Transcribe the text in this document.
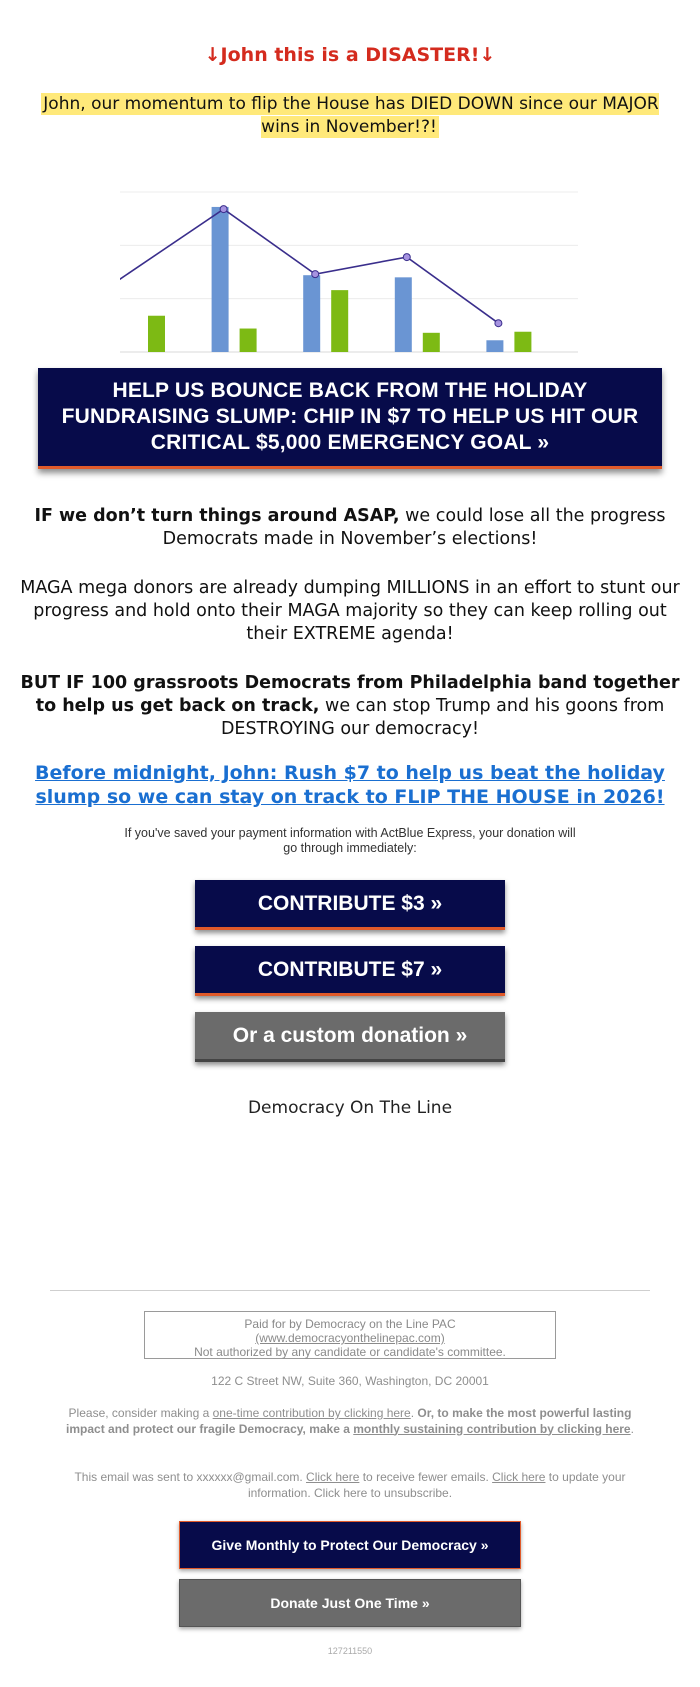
↓John this is a DISASTER!↓
John, our momentum to flip the House has DIED DOWN since our MAJOR wins in November!?!
HELP US BOUNCE BACK FROM THE HOLIDAY FUNDRAISING SLUMP: CHIP IN $7 TO HELP US HIT OUR CRITICAL $5,000 EMERGENCY GOAL »
IF we don’t turn things around ASAP, we could lose all the progress Democrats made in November’s elections!
MAGA mega donors are already dumping MILLIONS in an effort to stunt our progress and hold onto their MAGA majority so they can keep rolling out their EXTREME agenda!
BUT IF 100 grassroots Democrats from Philadelphia band together to help us get back on track, we can stop Trump and his goons from DESTROYING our democracy!
Before midnight, John: Rush $7 to help us beat the holiday slump so we can stay on track to FLIP THE HOUSE in 2026!
If you've saved your payment information with ActBlue Express, your donation will go through immediately:
CONTRIBUTE $3 »
CONTRIBUTE $7 »
Or a custom donation »
Democracy On The Line
Paid for by Democracy on the Line PAC
(www.democracyonthelinepac.com)
Not authorized by any candidate or candidate's committee.
122 C Street NW, Suite 360, Washington, DC 20001
Please, consider making a one-time contribution by clicking here. Or, to make the most powerful lasting impact and protect our fragile Democracy, make a monthly sustaining contribution by clicking here.
This email was sent to xxxxxx@gmail.com. Click here to receive fewer emails. Click here to update your information. Click here to unsubscribe.
Give Monthly to Protect Our Democracy »
Donate Just One Time »
127211550
